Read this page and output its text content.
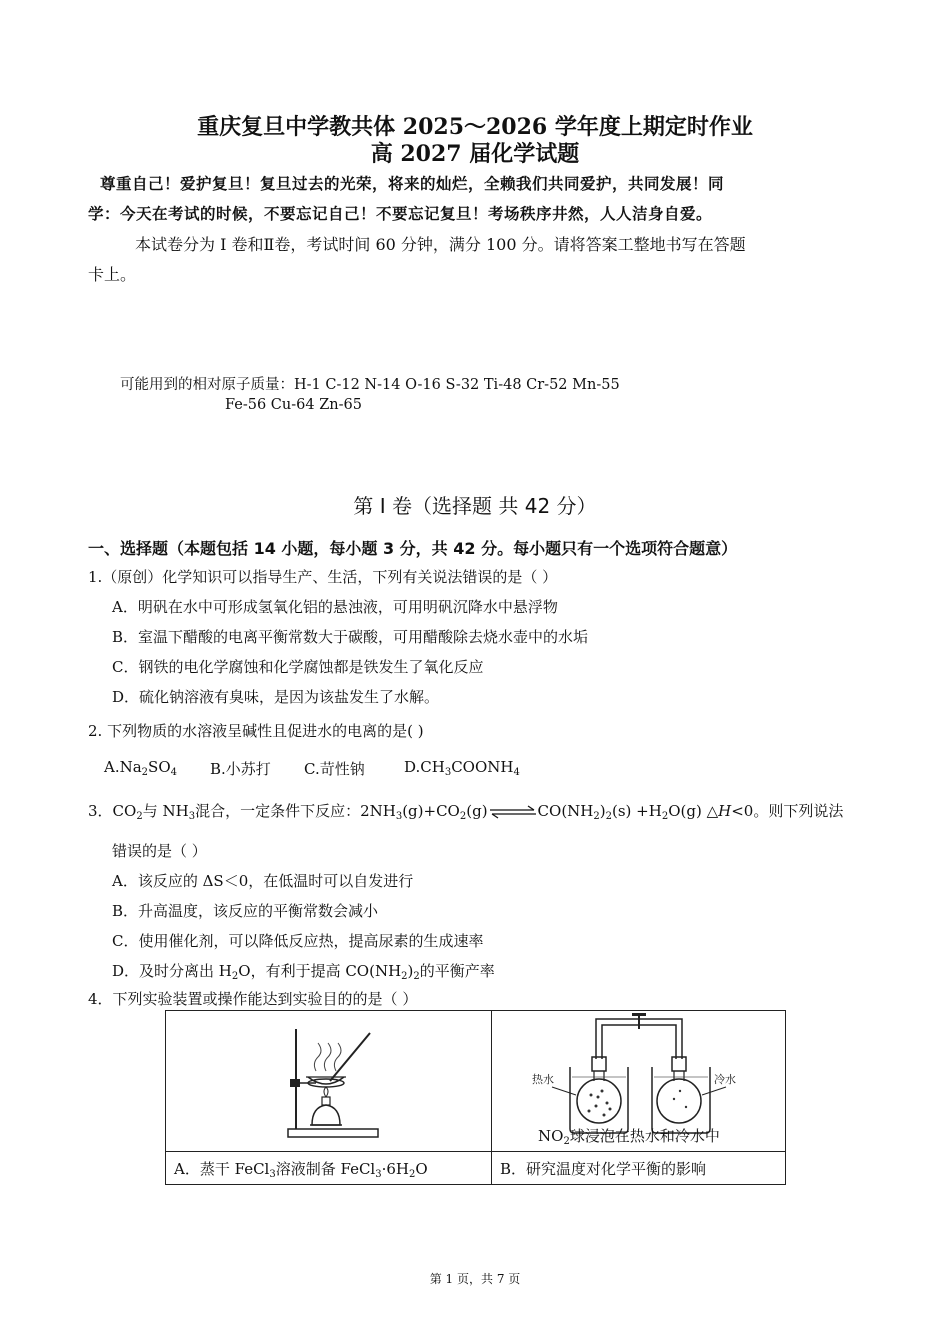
重庆复旦中学教共体 2025～2026 学年度上期定时作业
高 2027 届化学试题
尊重自己！爱护复旦！复旦过去的光荣，将来的灿烂，全赖我们共同爱护，共同发展！同
学：今天在考试的时候，不要忘记自己！不要忘记复旦！考场秩序井然，人人洁身自爱。
本试卷分为 I 卷和Ⅱ卷，考试时间 60 分钟，满分 100 分。请将答案工整地书写在答题
卡上。
可能用到的相对原子质量：H-1 C-12 N-14 O-16 S-32 Ti-48 Cr-52 Mn-55
Fe-56 Cu-64 Zn-65
第 I 卷（选择题 共 42 分）
一、选择题（本题包括 14 小题，每小题 3 分，共 42 分。每小题只有一个选项符合题意）
1.（原创）化学知识可以指导生产、生活，下列有关说法错误的是（ ）
A．明矾在水中可形成氢氧化铝的悬浊液，可用明矾沉降水中悬浮物
B．室温下醋酸的电离平衡常数大于碳酸，可用醋酸除去烧水壶中的水垢
C．钢铁的电化学腐蚀和化学腐蚀都是铁发生了氧化反应
D．硫化钠溶液有臭味，是因为该盐发生了水解。
2. 下列物质的水溶液呈碱性且促进水的电离的是( )
$A.Na_2SO_4$ B.小苏打 C.苛性钠	$D.CH_3COONH_4$
3．$CO_2$与 $NH_3$混合，一定条件下反应：$2NH_3(g)+CO_2(g)\rightleftharpoons CO(NH_2)_2(s) +H_2O(g)$ △H<0。则下列说法
错误的是（ ）
A．该反应的 ΔS＜0，在低温时可以自发进行
B．升高温度，该反应的平衡常数会减小
C．使用催化剂，可以降低反应热，提高尿素的生成速率
D．及时分离出 $H_2O$，有利于提高 $CO(NH_2)_2$的平衡产率
4．下列实验装置或操作能达到实验目的的是（ ）

热水 冷水
$NO_2$球浸泡在热水和冷水中

A．蒸干 FeCl$_3$溶液制备 $FeCl_3\cdot 6H_2O$	B．研究温度对化学平衡的影响
第 1 页，共 7 页
